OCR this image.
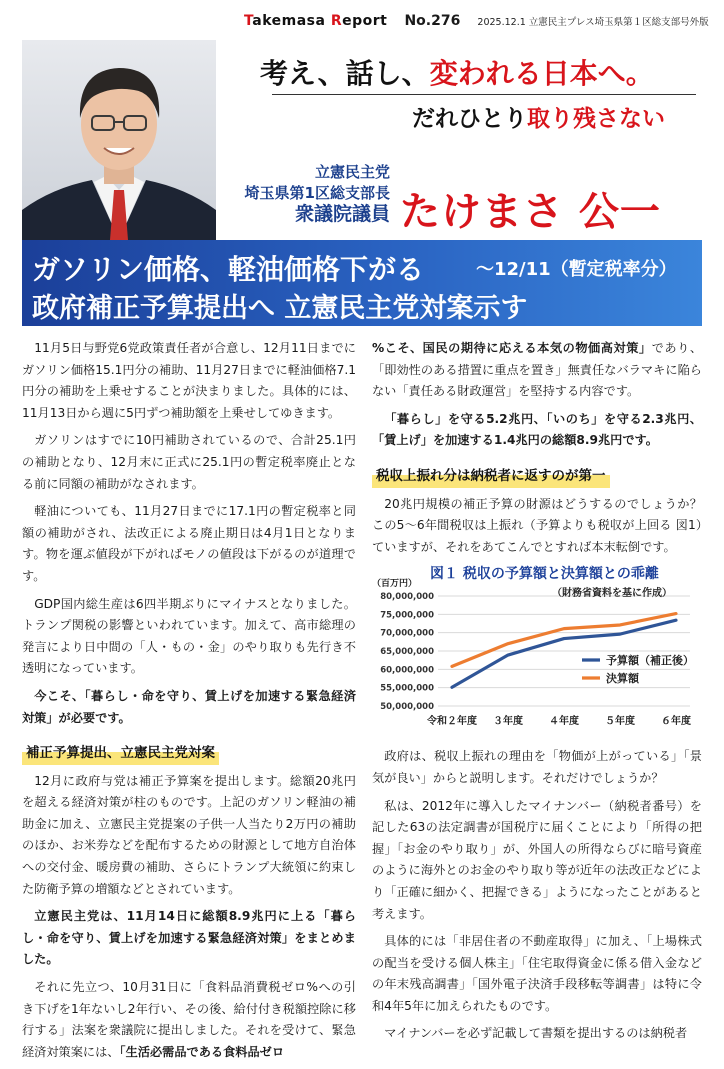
Takemasa Report No.276 2025.12.1 立憲民主プレス埼玉県第１区総支部号外版
考え、話し、変われる日本へ。
だれひとり取り残さない
立憲民主党
埼玉県第1区総支部長
衆議院議員 たけまさ 公一
ガソリン価格、軽油価格下がる	～12/11（暫定税率分）
政府補正予算提出へ 立憲民主党対案示す

11月5日与野党6党政策責任者が合意し、12月11日までにガソリン価格15.1円分の補助、11月27日までに軽油価格7.1円分の補助を上乗せすることが決まりました。具体的には、11月13日から週に5円ずつ補助額を上乗せしてゆきます。

ガソリンはすでに10円補助されているので、合計25.1円の補助となり、12月末に正式に25.1円の暫定税率廃止となる前に同額の補助がなされます。

軽油についても、11月27日までに17.1円の暫定税率と同額の補助がされ、法改正による廃止期日は4月1日となります。物を運ぶ値段が下がればモノの値段は下がるのが道理です。

GDP国内総生産は6四半期ぶりにマイナスとなりました。トランプ関税の影響といわれています。加えて、高市総理の発言により日中間の「人・もの・金」のやり取りも先行き不透明になっています。

今こそ、「暮らし・命を守り、賃上げを加速する緊急経済対策」が必要です。

補正予算提出、立憲民主党対案

12月に政府与党は補正予算案を提出します。総額20兆円を超える経済対策が柱のものです。上記のガソリン軽油の補助金に加え、立憲民主党提案の子供一人当たり2万円の補助のほか、お米券などを配布するための財源として地方自治体への交付金、暖房費の補助、さらにトランプ大統領に約束した防衛予算の増額などとされています。

立憲民主党は、11月14日に総額8.9兆円に上る「暮らし・命を守り、賃上げを加速する緊急経済対策」をまとめました。

それに先立つ、10月31日に「食料品消費税ゼロ%への引き下げを1年ないし2年行い、その後、給付付き税額控除に移行する」法案を衆議院に提出しました。それを受けて、緊急経済対策案には、「生活必需品である食料品ゼロ

%こそ、国民の期待に応える本気の物価高対策」であり、「即効性のある措置に重点を置き」無責任なバラマキに陥らない「責任ある財政運営」を堅持する内容です。

「暮らし」を守る5.2兆円、「いのち」を守る2.3兆円、「賃上げ」を加速する1.4兆円の総額8.9兆円です。

税収上振れ分は納税者に返すのが第一

20兆円規模の補正予算の財源はどうするのでしょうか？この5～6年間税収は上振れ（予算よりも税収が上回る 図1）ていますが、それをあてこんでとすれば本末転倒です。

80,000,000
75,000,000
70,000,000
65,000,000
60,000,000
55,000,000
50,000,000
令和２年度 ３年度	４年度	５年度	６年度
予算額（補正後）
決算額
（百万円）
図１ 税収の予算額と決算額との乖離
（財務省資料を基に作成）

政府は、税収上振れの理由を「物価が上がっている」「景気が良い」からと説明します。それだけでしょうか？

私は、2012年に導入したマイナンバー（納税者番号）を記した63の法定調書が国税庁に届くことにより「所得の把握」「お金のやり取り」が、外国人の所得ならびに暗号資産のように海外とのお金のやり取り等が近年の法改正などにより「正確に細かく、把握できる」ようになったことがあると考えます。

具体的には「非居住者の不動産取得」に加え、「上場株式の配当を受ける個人株主」「住宅取得資金に係る借入金などの年末残高調書」「国外電子決済手段移転等調書」は特に令和4年5年に加えられたものです。

マイナンバーを必ず記載して書類を提出するのは納税者
